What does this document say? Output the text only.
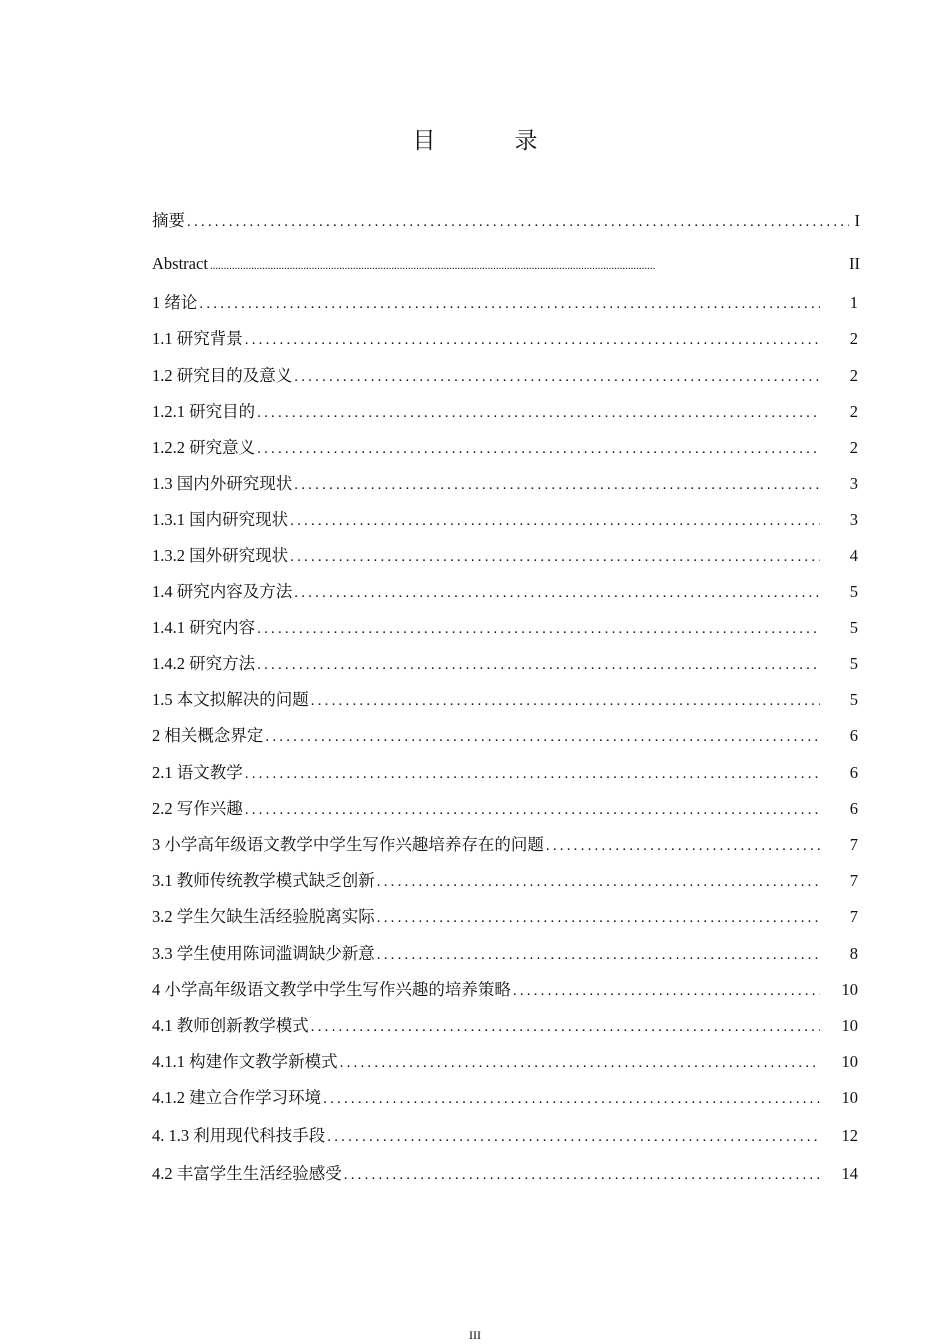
目　录
摘要 .....	I
Abstract .....	II
1 绪论 .....	1
1.1 研究背景 .....	2
1.2 研究目的及意义 .....	2
1.2.1 研究目的 .....	2
1.2.2 研究意义 .....	2
1.3 国内外研究现状 .....	3
1.3.1 国内研究现状 .....	3
1.3.2 国外研究现状 .....	4
1.4 研究内容及方法 .....	5
1.4.1 研究内容 .....	5
1.4.2 研究方法 .....	5
1.5 本文拟解决的问题 .....	5
2 相关概念界定 .....	6
2.1 语文教学 .....	6
2.2 写作兴趣 .....	6
3 小学高年级语文教学中学生写作兴趣培养存在的问题 .....	7
3.1 教师传统教学模式缺乏创新 .....	7
3.2 学生欠缺生活经验脱离实际 .....	7
3.3 学生使用陈词滥调缺少新意 .....	8
4 小学高年级语文教学中学生写作兴趣的培养策略 .....	10
4.1 教师创新教学模式 .....	10
4.1.1 构建作文教学新模式 .....	10
4.1.2 建立合作学习环境 .....	10
4. 1.3 利用现代科技手段 .....	12
4.2 丰富学生生活经验感受 .....	14
III
